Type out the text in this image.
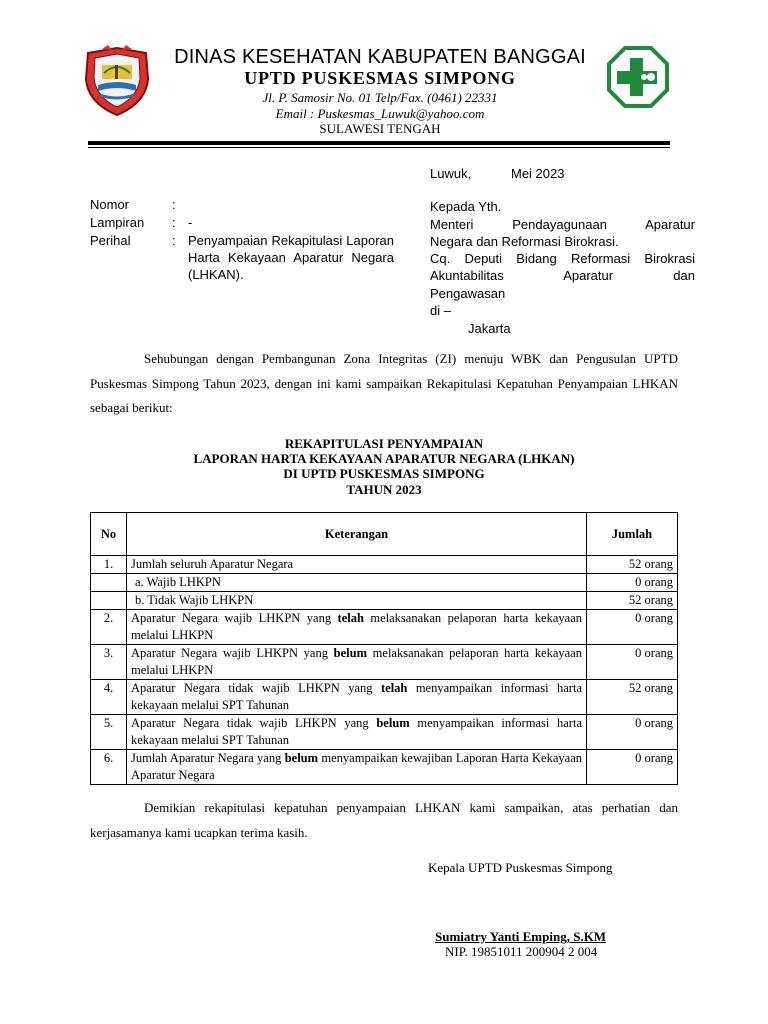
DINAS KESEHATAN KABUPATEN BANGGAI
UPTD PUSKESMAS SIMPONG
Jl. P. Samosir No. 01 Telp/Fax. (0461) 22331
Email : Puskesmas_Luwuk@yahoo.com
SULAWESI TENGAH
Luwuk,	Mei 2023
Nomor	:
Lampiran	: -
Perihal	: Penyampaian Rekapitulasi Laporan Harta Kekayaan Aparatur Negara (LHKAN).
Kepada Yth.
Menteri Pendayagunaan Aparatur
Negara dan Reformasi Birokrasi.
Cq. Deputi Bidang Reformasi Birokrasi
Akuntabilitas Aparatur dan
Pengawasan
di –
Jakarta
Sehubungan dengan Pembangunan Zona Integritas (ZI) menuju WBK dan Pengusulan UPTD Puskesmas Simpong Tahun 2023, dengan ini kami sampaikan Rekapitulasi Kepatuhan Penyampaian LHKAN sebagai berikut:
REKAPITULASI PENYAMPAIAN
LAPORAN HARTA KEKAYAAN APARATUR NEGARA (LHKAN)
DI UPTD PUSKESMAS SIMPONG
TAHUN 2023
No	Keterangan	Jumlah
1.	Jumlah seluruh Aparatur Negara	52 orang
	a. Wajib LHKPN	0 orang
	b. Tidak Wajib LHKPN	52 orang
2.	Aparatur Negara wajib LHKPN yang telah melaksanakan pelaporan harta kekayaan melalui LHKPN	0 orang
3.	Aparatur Negara wajib LHKPN yang belum melaksanakan pelaporan harta kekayaan melalui LHKPN	0 orang
4.	Aparatur Negara tidak wajib LHKPN yang telah menyampaikan informasi harta kekayaan melalui SPT Tahunan	52 orang
5.	Aparatur Negara tidak wajib LHKPN yang belum menyampaikan informasi harta kekayaan melalui SPT Tahunan	0 orang
6.	Jumlah Aparatur Negara yang belum menyampaikan kewajiban Laporan Harta Kekayaan Aparatur Negara	0 orang
Demikian rekapitulasi kepatuhan penyampaian LHKAN kami sampaikan, atas perhatian dan kerjasamanya kami ucapkan terima kasih.
Kepala UPTD Puskesmas Simpong
Sumiatry Yanti Emping, S.KM
NIP. 19851011 200904 2 004
